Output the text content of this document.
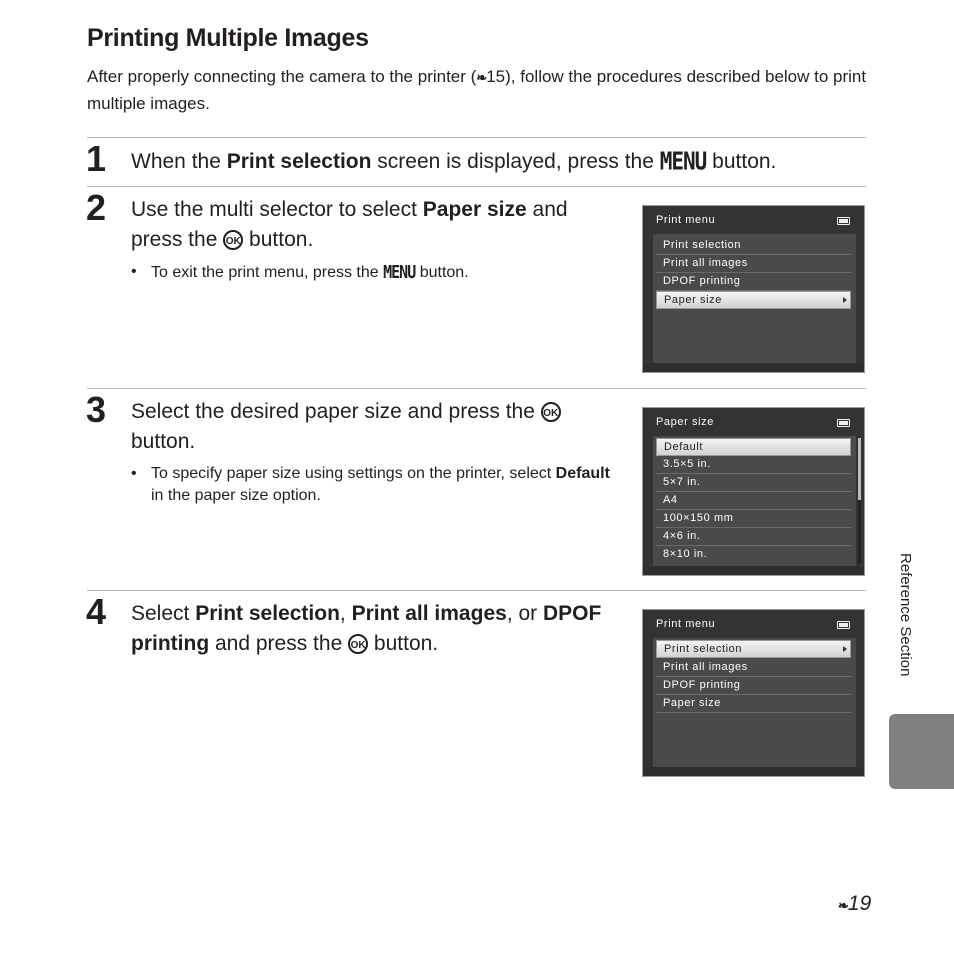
Printing Multiple Images
After properly connecting the camera to the printer (❧15), follow the procedures described below to print multiple images.
1 When the Print selection screen is displayed, press the MENU button.
2 Use the multi selector to select Paper size and press the OK button.
• To exit the print menu, press the MENU button.
Print menu
Print selection
Print all images
DPOF printing
Paper size
3 Select the desired paper size and press the OK button.
• To specify paper size using settings on the printer, select Default in the paper size option.
Paper size
Default
3.5×5 in.
5×7 in.
A4
100×150 mm
4×6 in.
8×10 in.
4 Select Print selection, Print all images, or DPOF printing and press the OK button.
Print menu
Print selection
Print all images
DPOF printing
Paper size
Reference Section
❧19
